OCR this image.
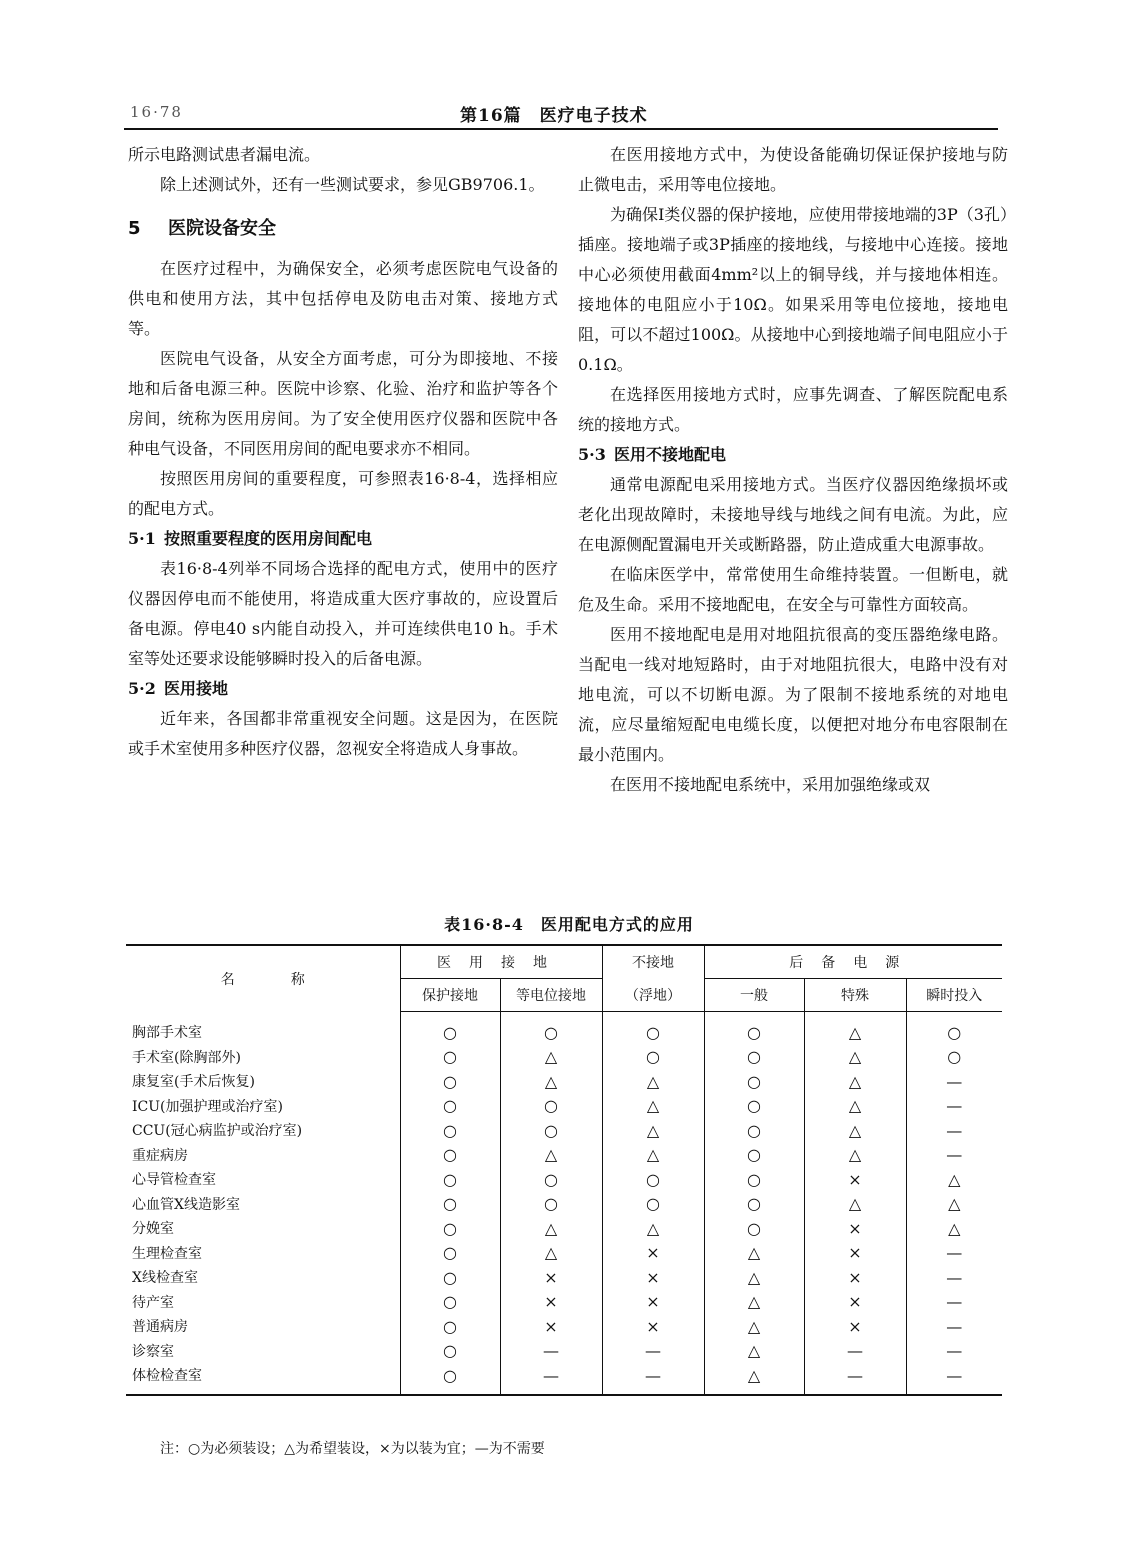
16·78	第16篇　医疗电子技术

所示电路测试患者漏电流。

除上述测试外，还有一些测试要求，参见GB9706.1。

5 医院设备安全

在医疗过程中，为确保安全，必须考虑医院电气设备的供电和使用方法，其中包括停电及防电击对策、接地方式等。

医院电气设备，从安全方面考虑，可分为即接地、不接地和后备电源三种。医院中诊察、化验、治疗和监护等各个房间，统称为医用房间。为了安全使用医疗仪器和医院中各种电气设备，不同医用房间的配电要求亦不相同。

按照医用房间的重要程度，可参照表16·8-4，选择相应的配电方式。

5·1 按照重要程度的医用房间配电

表16·8-4列举不同场合选择的配电方式，使用中的医疗仪器因停电而不能使用，将造成重大医疗事故的，应设置后备电源。停电40 s内能自动投入，并可连续供电10 h。手术室等处还要求设能够瞬时投入的后备电源。

5·2 医用接地

近年来，各国都非常重视安全问题。这是因为，在医院或手术室使用多种医疗仪器，忽视安全将造成人身事故。

在医用接地方式中，为使设备能确切保证保护接地与防止微电击，采用等电位接地。

为确保Ⅰ类仪器的保护接地，应使用带接地端的3P（3孔）插座。接地端子或3P插座的接地线，与接地中心连接。接地中心必须使用截面4mm²以上的铜导线，并与接地体相连。接地体的电阻应小于10Ω。如果采用等电位接地，接地电阻，可以不超过100Ω。从接地中心到接地端子间电阻应小于0.1Ω。

在选择医用接地方式时，应事先调查、了解医院配电系统的接地方式。

5·3 医用不接地配电

通常电源配电采用接地方式。当医疗仪器因绝缘损坏或老化出现故障时，未接地导线与地线之间有电流。为此，应在电源侧配置漏电开关或断路器，防止造成重大电源事故。

在临床医学中，常常使用生命维持装置。一但断电，就危及生命。采用不接地配电，在安全与可靠性方面较高。

医用不接地配电是用对地阻抗很高的变压器绝缘电路。当配电一线对地短路时，由于对地阻抗很大，电路中没有对地电流，可以不切断电源。为了限制不接地系统的对地电流，应尽量缩短配电电缆长度，以便把对地分布电容限制在最小范围内。

在医用不接地配电系统中，采用加强绝缘或双

表16·8-4　医用配电方式的应用
名　　　　称	医用接地		不接地	后备电源		
	保护接地	等电位接地	（浮地）	一般	特殊	瞬时投入
胸部手术室	○	○	○	○	△	○
手术室(除胸部外)	○	△	○	○	△	○
康复室(手术后恢复)	○	△	△	○	△	—
ICU(加强护理或治疗室)	○	○	△	○	△	—
CCU(冠心病监护或治疗室)	○	○	△	○	△	—
重症病房	○	△	△	○	△	—
心导管检查室	○	○	○	○	×	△
心血管X线造影室	○	○	○	○	△	△
分娩室	○	△	△	○	×	△
生理检查室	○	△	×	△	×	—
X线检查室	○	×	×	△	×	—
待产室	○	×	×	△	×	—
普通病房	○	×	×	△	×	—
诊察室	○	—	—	△	—	—
体检检查室	○	—	—	△	—	—
注：○为必须装设；△为希望装设，×为以装为宜；—为不需要
